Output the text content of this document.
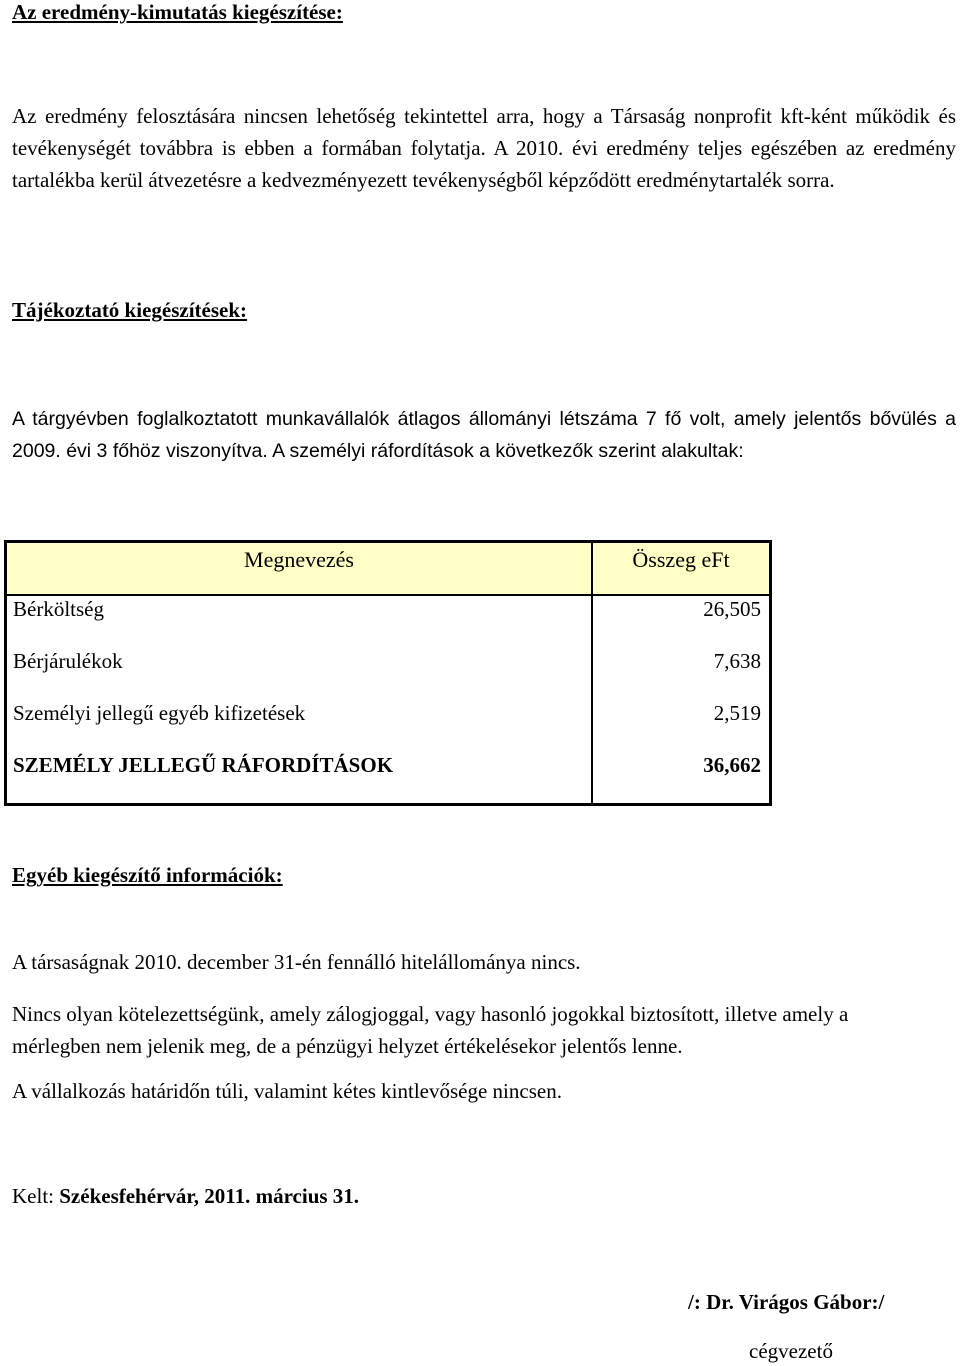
Az eredmény-kimutatás kiegészítése:
Az eredmény felosztására nincsen lehetőség tekintettel arra, hogy a Társaság nonprofit kft-ként működik és tevékenységét továbbra is ebben a formában folytatja. A 2010. évi eredmény teljes egészében az eredmény tartalékba kerül átvezetésre a kedvezményezett tevékenységből képződött eredménytartalék sorra.
Tájékoztató kiegészítések:
A tárgyévben foglalkoztatott munkavállalók átlagos állományi létszáma 7 fő volt, amely jelentős bővülés a 2009. évi 3 főhöz viszonyítva. A személyi ráfordítások a következők szerint alakultak:
Megnevezés	Összeg eFt
Bérköltség	26,505
Bérjárulékok	7,638
Személyi jellegű egyéb kifizetések	2,519
SZEMÉLY JELLEGŰ RÁFORDÍTÁSOK	36,662
Egyéb kiegészítő információk:
A társaságnak 2010. december 31-én fennálló hitelállománya nincs.
Nincs olyan kötelezettségünk, amely zálogjoggal, vagy hasonló jogokkal biztosított, illetve amely a mérlegben nem jelenik meg, de a pénzügyi helyzet értékelésekor jelentős lenne.
A vállalkozás határidőn túli, valamint kétes kintlevősége nincsen.
Kelt: Székesfehérvár, 2011. március 31.
/: Dr. Virágos Gábor:/
cégvezető
